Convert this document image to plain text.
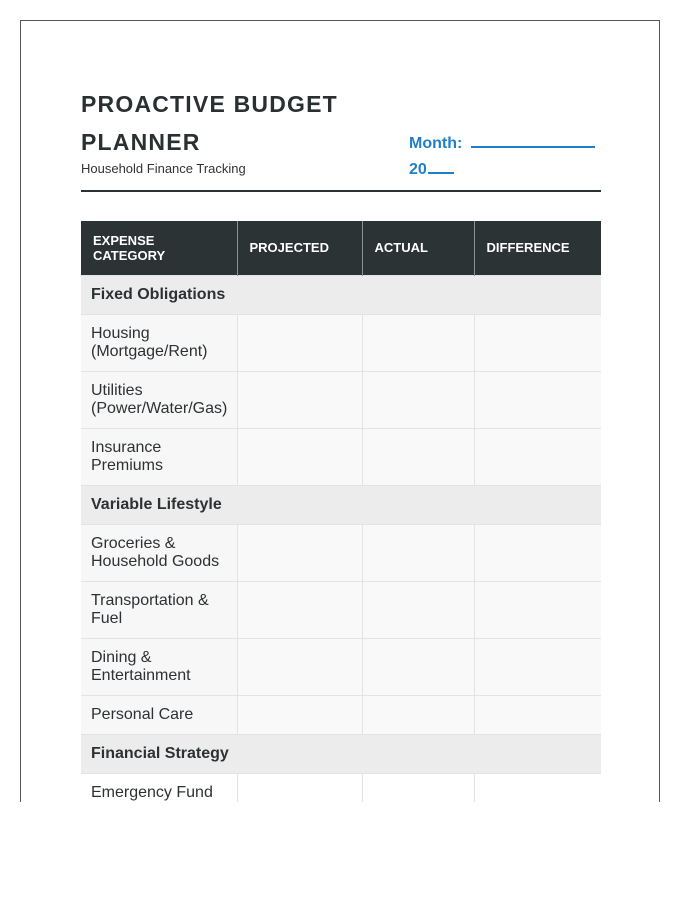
PROACTIVE BUDGET PLANNER
Household Finance Tracking
Month:
20
EXPENSE CATEGORY	PROJECTED	ACTUAL	DIFFERENCE
Fixed Obligations			
Housing (Mortgage/Rent)			
Utilities (Power/Water/Gas)			
Insurance Premiums			
Variable Lifestyle			
Groceries & Household Goods			
Transportation & Fuel			
Dining & Entertainment			
Personal Care			
Financial Strategy			
Emergency Fund			
